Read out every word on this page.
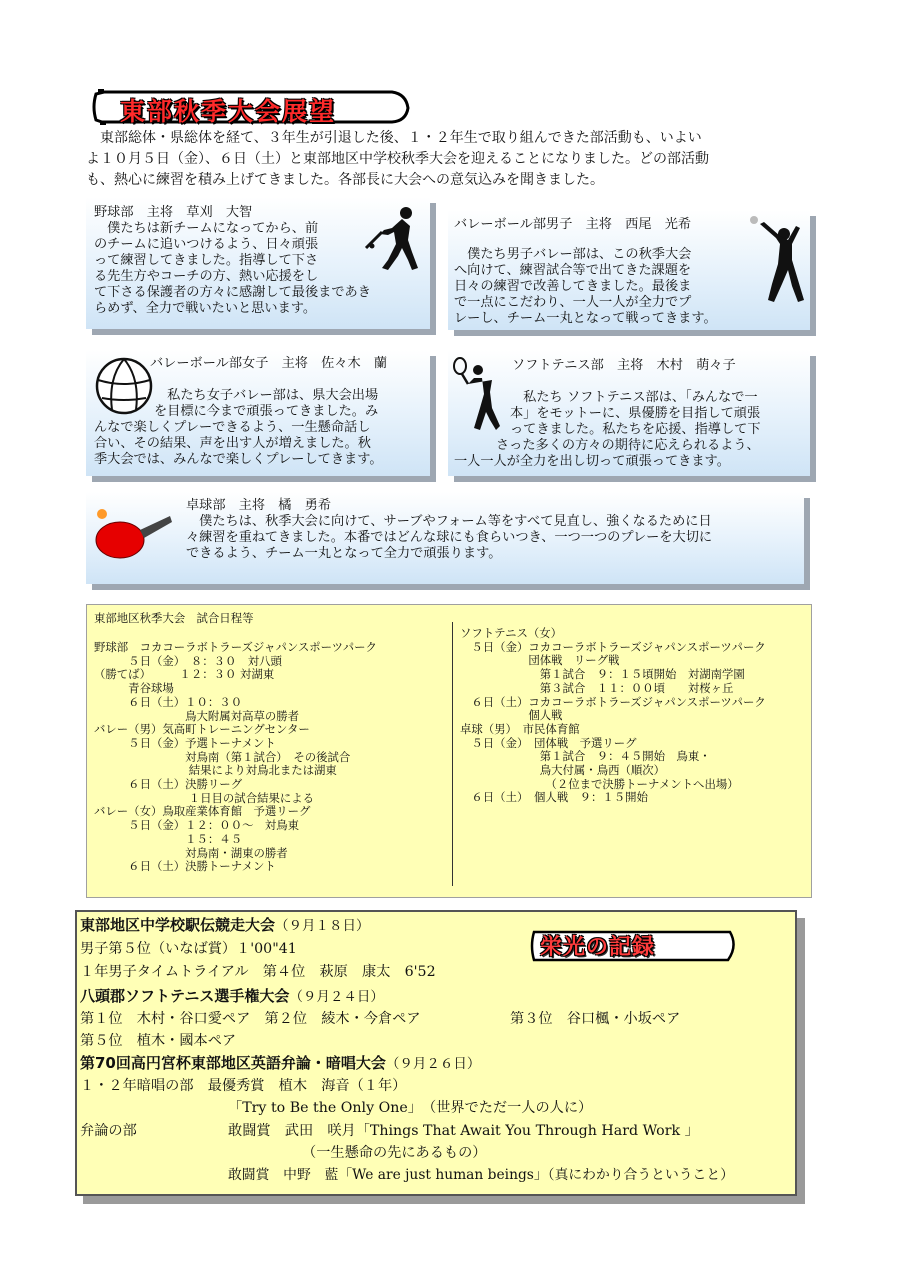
東部秋季大会展望
　東部総体・県総体を経て、３年生が引退した後、１・２年生で取り組んできた部活動も、いよい
よ１０月５日（金）、６日（土）と東部地区中学校秋季大会を迎えることになりました。どの部活動
も、熱心に練習を積み上げてきました。各部長に大会への意気込みを聞きました。
野球部　主将　草刈　大智
　僕たちは新チームになってから、前
のチームに追いつけるよう、日々頑張
って練習してきました。指導して下さ
る先生方やコーチの方、熱い応援をし
て下さる保護者の方々に感謝して最後まであき
らめず、全力で戦いたいと思います。
バレーボール部男子　主将　西尾　光希
　僕たち男子バレー部は、この秋季大会
へ向けて、練習試合等で出てきた課題を
日々の練習で改善してきました。最後ま
で一点にこだわり、一人一人が全力でプ
レーし、チーム一丸となって戦ってきます。
バレーボール部女子　主将　佐々木　蘭
　私たち女子バレー部は、県大会出場
を目標に今まで頑張ってきました。み
んなで楽しくプレーできるよう、一生懸命話し
合い、その結果、声を出す人が増えました。秋
季大会では、みんなで楽しくプレーしてきます。
ソフトテニス部　主将　木村　萌々子
　私たち ソフトテニス部は、「みんなで一
本」をモットーに、県優勝を目指して頑張
ってきました。私たちを応援、指導して下
さった多くの方々の期待に応えられるよう、
一人一人が全力を出し切って頑張ってきます。
卓球部　主将　橘　勇希
　僕たちは、秋季大会に向けて、サーブやフォーム等をすべて見直し、強くなるために日
々練習を重ねてきました。本番ではどんな球にも食らいつき、一つ一つのプレーを大切に
できるよう、チーム一丸となって全力で頑張ります。
東部地区秋季大会　試合日程等
野球部　コカコーラボトラーズジャパンスポーツパーク
　　　５日（金）　８：３０　対八頭
（勝てば）　　　１２：３０ 対湖東
　　　青谷球場
　　　６日（土）１０：３０
　　　　　　　　鳥大附属対高草の勝者
バレー（男）気高町トレーニングセンター
　　　５日（金）予選トーナメント
　　　　　　　　対鳥南（第１試合）　その後試合
　　　　　　　　 結果により対鳥北または湖東
　　　６日（土）決勝リーグ
　　　　　　　　 １日目の試合結果による
バレー（女）鳥取産業体育館　予選リーグ
　　　５日（金）１２：００～　対鳥東
　　　　　　　　１５：４５
　　　　　　　　対鳥南・湖東の勝者
　　　６日（土）決勝トーナメント
ソフトテニス（女）
　５日（金）コカコーラボトラーズジャパンスポーツパーク
　　　　　　団体戦　リーグ戦
　　　　　　　第１試合　９：１５頃開始　対湖南学園
　　　　　　　第３試合　１１：００頃　　対桜ヶ丘
　６日（土）コカコーラボトラーズジャパンスポーツパーク
　　　　　　個人戦
卓球（男）　市民体育館
　５日（金）　団体戦　予選リーグ
　　　　　　　第１試合　９：４５開始　鳥東・
　　　　　　　鳥大付属・鳥西（順次）
　　　　　　　　（２位まで決勝トーナメントへ出場）
　６日（土）　個人戦　９：１５開始
栄光の記録
東部地区中学校駅伝競走大会（９月１８日）
男子第５位（いなば賞）１'00"41
１年男子タイムトライアル　第４位　萩原　康太　6'52
八頭郡ソフトテニス選手権大会（９月２４日）
第１位　木村・谷口愛ペア　第２位　綾木・今倉ペア	第３位　谷口楓・小坂ペア
第５位　植木・國本ペア
第70回高円宮杯東部地区英語弁論・暗唱大会（９月２６日）
１・２年暗唱の部　最優秀賞　植木　海音（１年）
「Try to Be the Only One」　（世界でただ一人の人に）
弁論の部	敢闘賞　武田　咲月「Things That Await You Through Hard Work 」
（一生懸命の先にあるもの）
敢闘賞　中野　藍「We are just human beings」（真にわかり合うということ）
